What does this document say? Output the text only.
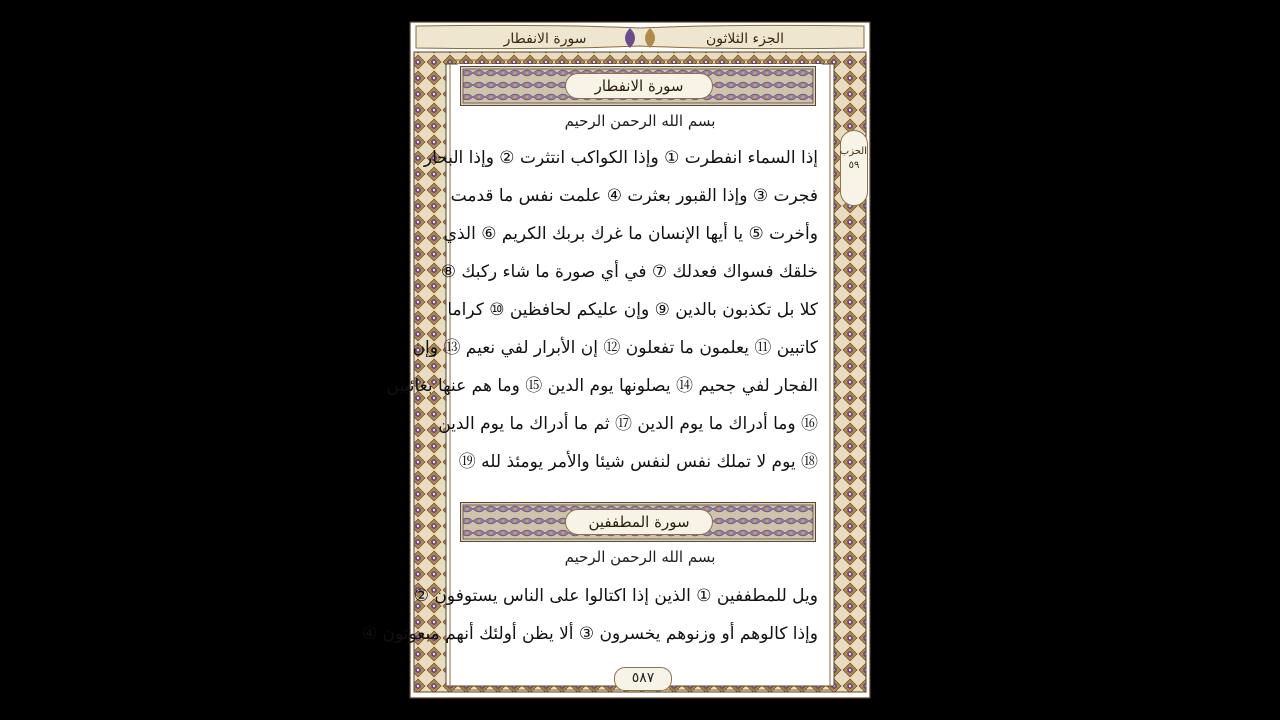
الجزء الثلاثون
سورة الانفطار
الحزب ٥٩
سورة الانفطار
بسم الله الرحمن الرحيم
إذا السماء انفطرت ① وإذا الكواكب انتثرت ② وإذا البحار
فجرت ③ وإذا القبور بعثرت ④ علمت نفس ما قدمت
وأخرت ⑤ يا أيها الإنسان ما غرك بربك الكريم ⑥ الذي
خلقك فسواك فعدلك ⑦ في أي صورة ما شاء ركبك ⑧
كلا بل تكذبون بالدين ⑨ وإن عليكم لحافظين ⑩ كراما
كاتبين ⑪ يعلمون ما تفعلون ⑫ إن الأبرار لفي نعيم ⑬ وإن
الفجار لفي جحيم ⑭ يصلونها يوم الدين ⑮ وما هم عنها بغائبين
⑯ وما أدراك ما يوم الدين ⑰ ثم ما أدراك ما يوم الدين
⑱ يوم لا تملك نفس لنفس شيئا والأمر يومئذ لله ⑲
سورة المطففين
بسم الله الرحمن الرحيم
ويل للمطففين ① الذين إذا اكتالوا على الناس يستوفون ②
وإذا كالوهم أو وزنوهم يخسرون ③ ألا يظن أولئك أنهم مبعوثون ④
٥٨٧
